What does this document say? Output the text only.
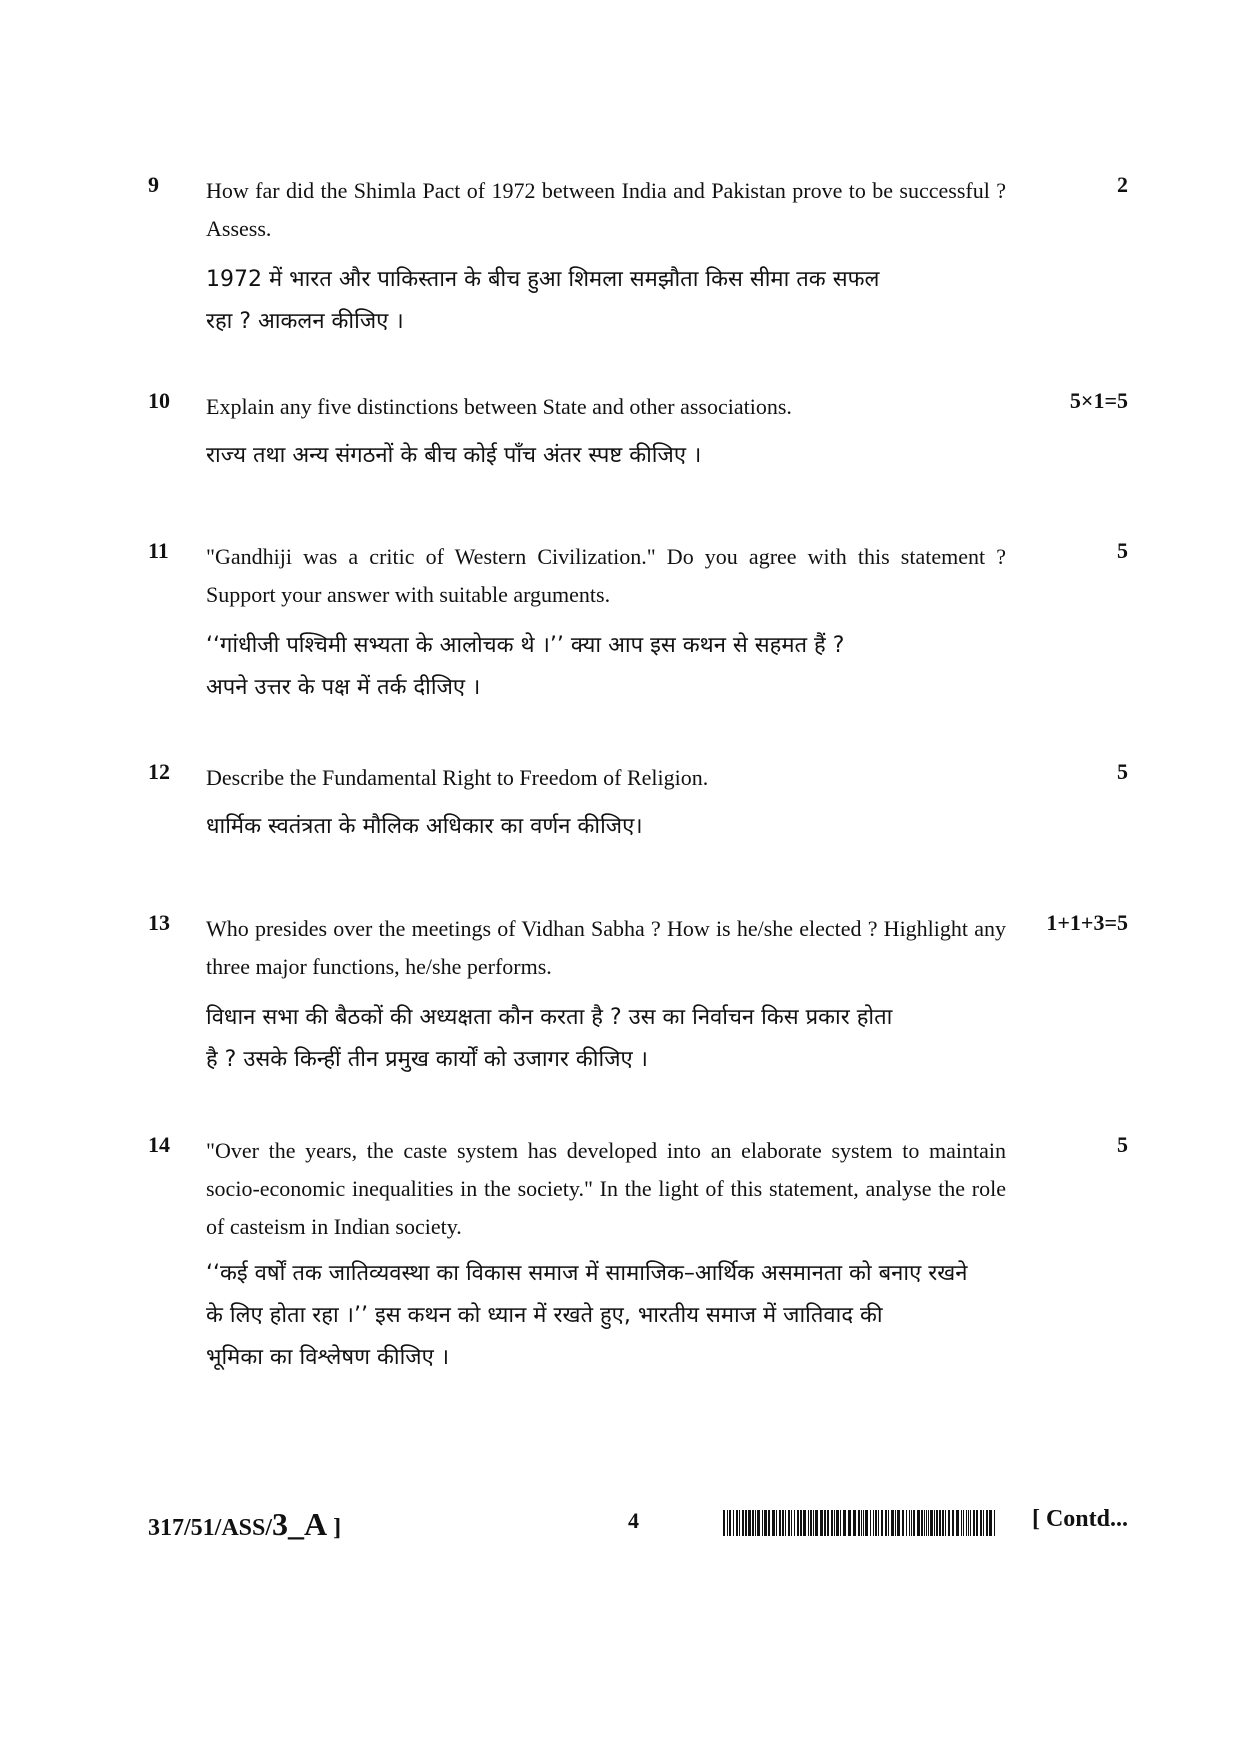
9	How far did the Shimla Pact of 1972 between India and Pakistan prove to be successful ? Assess.
2
1972 में भारत और पाकिस्तान के बीच हुआ शिमला समझौता किस सीमा तक सफल
रहा ? आकलन कीजिए ।
10	Explain any five distinctions between State and other associations.	5×1=5
राज्य तथा अन्य संगठनों के बीच कोई पाँच अंतर स्पष्ट कीजिए ।
11	"Gandhiji was a critic of Western Civilization." Do you agree with this statement ? Support your answer with suitable arguments.
5
‘‘गांधीजी पश्चिमी सभ्यता के आलोचक थे ।’’ क्या आप इस कथन से सहमत हैं ?
अपने उत्तर के पक्ष में तर्क दीजिए ।
12	Describe the Fundamental Right to Freedom of Religion.	5
धार्मिक स्वतंत्रता के मौलिक अधिकार का वर्णन कीजिए।
13	Who presides over the meetings of Vidhan Sabha ? How is he/she elected ? Highlight any three major functions, he/she performs.
1+1+3=5
विधान सभा की बैठकों की अध्यक्षता कौन करता है ? उस का निर्वाचन किस प्रकार होता
है ? उसके किन्हीं तीन प्रमुख कार्यों को उजागर कीजिए ।
14	"Over the years, the caste system has developed into an elaborate system to maintain socio-economic inequalities in the society." In the light of this statement, analyse the role of casteism in Indian society.
5
‘‘कई वर्षों तक जातिव्यवस्था का विकास समाज में सामाजिक–आर्थिक असमानता को बनाए रखने
के लिए होता रहा ।’’ इस कथन को ध्यान में रखते हुए, भारतीय समाज में जातिवाद की
भूमिका का विश्लेषण कीजिए ।
317/51/ASS/3_A ]	4	[ Contd...
